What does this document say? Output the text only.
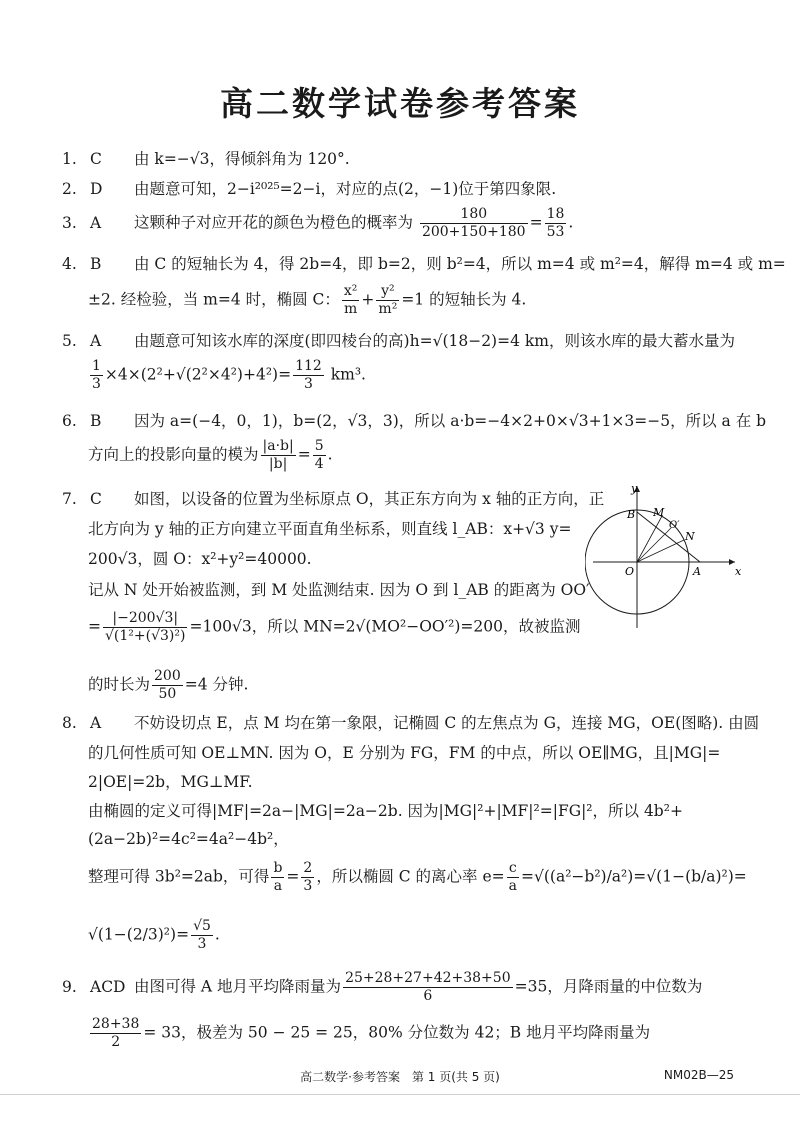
高二数学试卷参考答案
1. C 由 k=−√3，得倾斜角为 120°.
2. D 由题意可知，2−i²⁰²⁵=2−i，对应的点(2，−1)位于第四象限.
3. A 这颗种子对应开花的颜色为橙色的概率为 $\frac{180}{200+150+180} = \frac{18}{53}$ .
4. B 由 C 的短轴长为 4，得 2b=4，即 b=2，则 b²=4，所以 m=4 或 m²=4，解得 m=4 或 m=
±2. 经检验，当 m=4 时，椭圆 C： $\frac{\text{x²}}{m} + \frac{\text{y²}}{\text{m²}} =1$ 的短轴长为 4.
5. A 由题意可知该水库的深度(即四棱台的高)h=√(18−2)=4 km，则该水库的最大蓄水量为
$\frac{1}{3} \times 4\times(2^2+√(2^2\times 4^2)+4^2)= \frac{112}{3} km^3$.
6. B 因为 a=(−4，0，1)，b=(2，√3，3)，所以 a·b=−4×2+0×√3+1×3=−5，所以 a 在 b
方向上的投影向量的模为 $\frac{|a\cdot b|}{|b|} = \frac{5}{4}$ .
7. C 如图，以设备的位置为坐标原点 O，其正东方向为 x 轴的正方向，正
北方向为 y 轴的正方向建立平面直角坐标系，则直线 l_AB：x+√3 y=
200√3，圆 O：x²+y²=40000.
记从 N 处开始被监测，到 M 处监测结束. 因为 O 到 l_AB 的距离为 OO′
= $\frac{|-200√3|}{\text{√(1²+(√3)²)}} =100√3$，所以 MN=2√(MO²−OO′²)=200，故被监测
的时长为 $\frac{200}{50} =4$ 分钟.
y
x
O	A
B M
O′
N
8. A 不妨设切点 E，点 M 均在第一象限，记椭圆 C 的左焦点为 G，连接 MG，OE(图略). 由圆
的几何性质可知 OE⊥MN. 因为 O，E 分别为 FG，FM 的中点，所以 OE∥MG，且|MG|=
2|OE|=2b，MG⊥MF.
由椭圆的定义可得|MF|=2a−|MG|=2a−2b. 因为|MG|²+|MF|²=|FG|²，所以 4b²+
(2a−2b)²=4c²=4a²−4b²，
整理可得 3b²=2ab，可得 $\frac{b}{a} = \frac{2}{3}$ ，所以椭圆 C 的离心率 $e= \frac{c}{a} =√((a^2-b^2)/a^2)=√(1-(b/a)^2)=$
$√(1-(2/3)^2)= \frac{√5}{3}$ .
9. ACD 由图可得 A 地月平均降雨量为 $\frac{25+28+27+42+38+50}{6} =35$，月降雨量的中位数为
$\frac{28+38}{2} = 33$，极差为 50 − 25 = 25，80% 分位数为 42；B 地月平均降雨量为
高二数学·参考答案　第 1 页(共 5 页)	NM02B—25
